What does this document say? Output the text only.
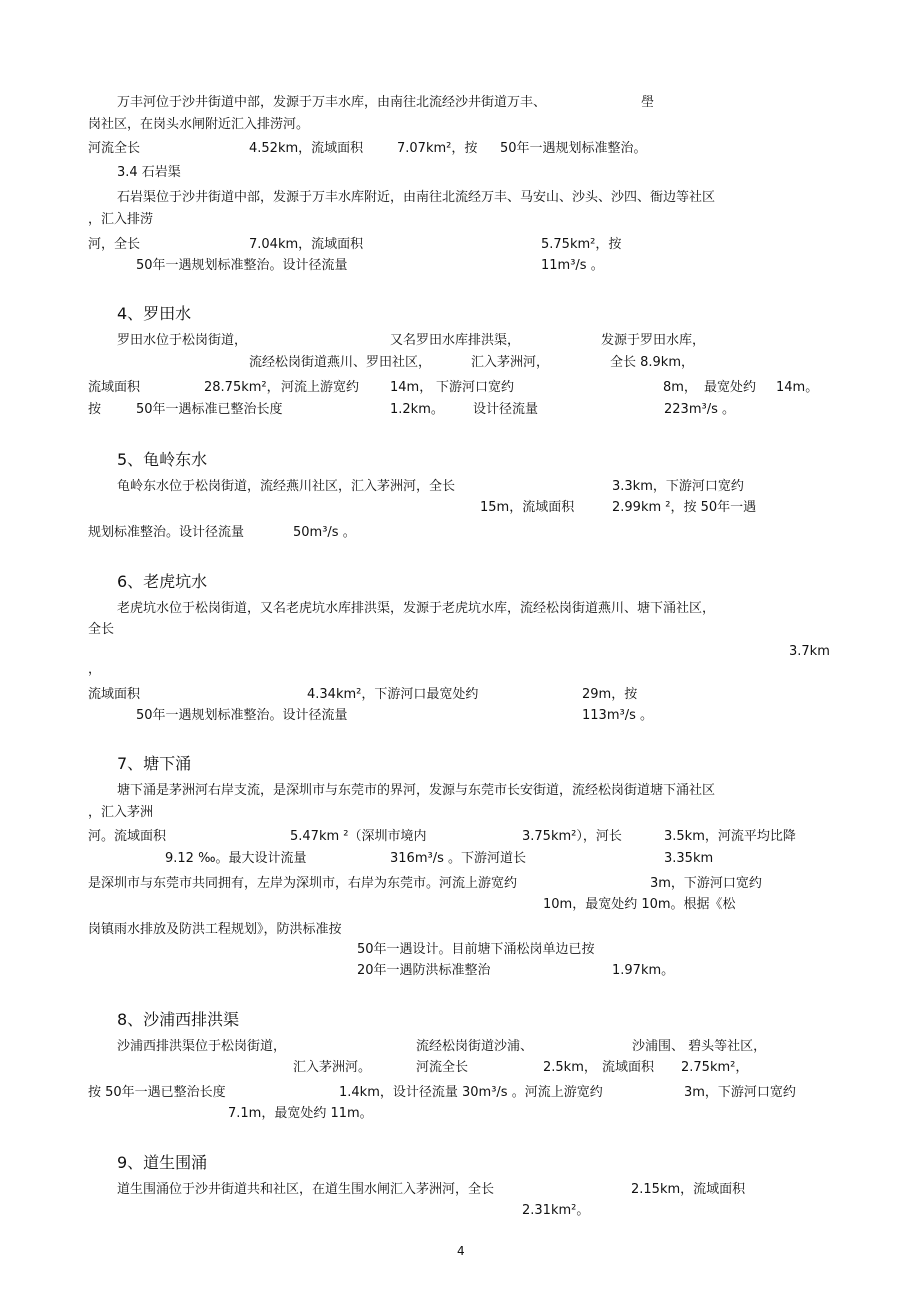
万丰河位于沙井街道中部，发源于万丰水库，由南往北流经沙井街道万丰、	壆
岗社区，在岗头水闸附近汇入排涝河。
河流全长	4.52km，流域面积	7.07km²，按 50年一遇规划标准整治。
3.4 石岩渠
石岩渠位于沙井街道中部，发源于万丰水库附近，由南往北流经万丰、马安山、沙头、沙四、衙边等社区
，汇入排涝
河，全长	7.04km，流域面积	5.75km²，按
50年一遇规划标准整治。设计径流量	11m³/s 。
4、罗田水
罗田水位于松岗街道，	又名罗田水库排洪渠，	发源于罗田水库，
流经松岗街道燕川、罗田社区，	汇入茅洲河，	全长 8.9km，
流域面积	28.75km²， 河流上游宽约 14m， 下游河口宽约	8m， 最宽处约 14m。
按	50年一遇标准已整治长度	1.2km。 设计径流量	223m³/s 。
5、龟岭东水
龟岭东水位于松岗街道，流经燕川社区，汇入茅洲河，全长	3.3km，下游河口宽约
15m，流域面积	2.99km ²，按 50年一遇
规划标准整治。设计径流量	50m³/s 。
6、老虎坑水
老虎坑水位于松岗街道，又名老虎坑水库排洪渠，发源于老虎坑水库，流经松岗街道燕川、塘下涌社区，
全长
3.7km
，
流域面积	4.34km²，下游河口最宽处约	29m，按
50年一遇规划标准整治。设计径流量	113m³/s 。
7、塘下涌
塘下涌是茅洲河右岸支流，是深圳市与东莞市的界河，发源与东莞市长安街道，流经松岗街道塘下涌社区
，汇入茅洲
河。流域面积	5.47km ²（深圳市境内	3.75km²），河长	3.5km，河流平均比降
9.12 ‰。最大设计流量	316m³/s 。下游河道长	3.35km
是深圳市与东莞市共同拥有，左岸为深圳市，右岸为东莞市。河流上游宽约	3m，下游河口宽约
10m，最宽处约 10m。根据《松
岗镇雨水排放及防洪工程规划》，防洪标准按
50年一遇设计。目前塘下涌松岗单边已按
20年一遇防洪标准整治	1.97km。
8、沙浦西排洪渠
沙浦西排洪渠位于松岗街道，	流经松岗街道沙浦、	沙浦围、 碧头等社区，
汇入茅洲河。	河流全长	2.5km， 流域面积 2.75km²，
按 50年一遇已整治长度	1.4km，设计径流量 30m³/s 。河流上游宽约	3m，下游河口宽约
7.1m，最宽处约 11m。
9、道生围涌
道生围涌位于沙井街道共和社区，在道生围水闸汇入茅洲河，全长	2.15km，流域面积
2.31km²。
4
